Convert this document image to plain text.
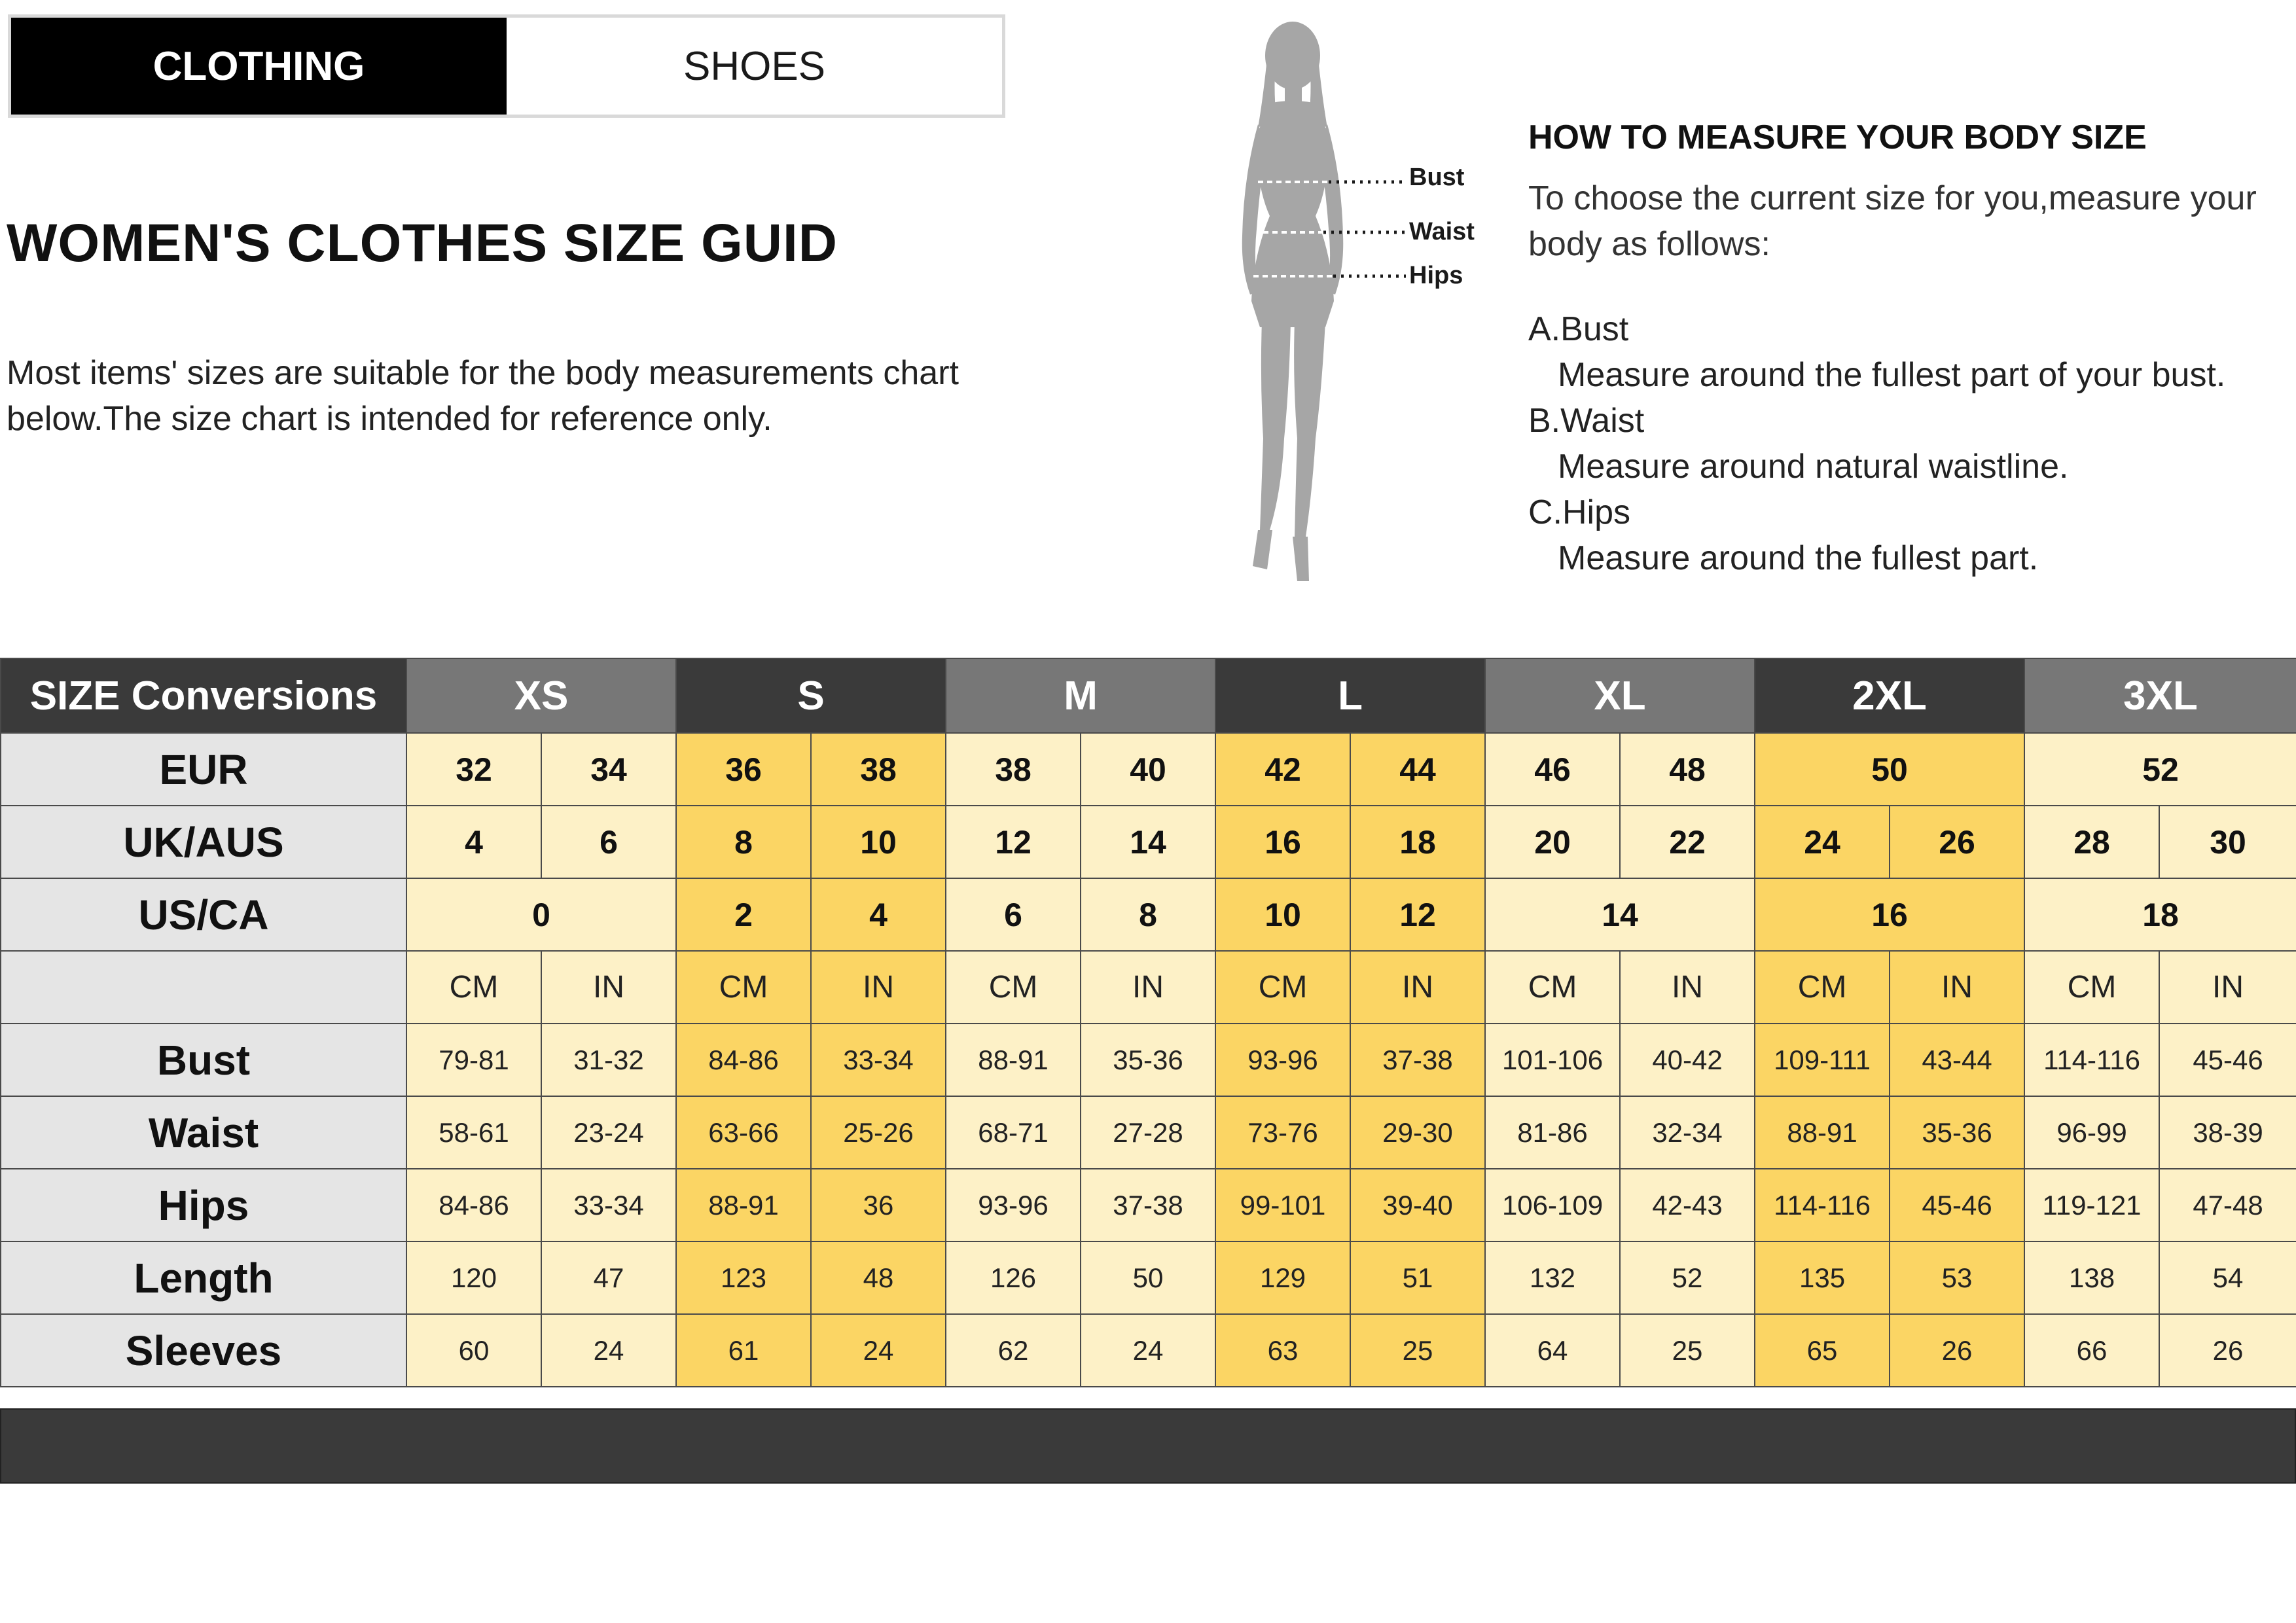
CLOTHING	SHOES
WOMEN'S CLOTHES SIZE GUID

Most items' sizes are suitable for the body measurements chart below.The size chart is intended for reference only.

Bust
Waist
Hips
HOW TO MEASURE YOUR BODY SIZE

To choose the current size for you,measure your body as follows:

A.Bust
Measure around the fullest part of your bust.
B.Waist
Measure around natural waistline.
C.Hips
Measure around the fullest part.
SIZE Conversions	XS		S		M		L		XL		2XL		3XL	
EUR	32	34	36	38	38	40	42	44	46	48	50		52	
UK/AUS	4	6	8	10	12	14	16	18	20	22	24	26	28	30
US/CA	0		2	4	6	8	10	12	14		16		18	
	CM	IN	CM	IN	CM	IN	CM	IN	CM	IN	CM	IN	CM	IN
Bust	79-81	31-32	84-86	33-34	88-91	35-36	93-96	37-38	101-106	40-42	109-111	43-44	114-116	45-46
Waist	58-61	23-24	63-66	25-26	68-71	27-28	73-76	29-30	81-86	32-34	88-91	35-36	96-99	38-39
Hips	84-86	33-34	88-91	36	93-96	37-38	99-101	39-40	106-109	42-43	114-116	45-46	119-121	47-48
Length	120	47	123	48	126	50	129	51	132	52	135	53	138	54
Sleeves	60	24	61	24	62	24	63	25	64	25	65	26	66	26
